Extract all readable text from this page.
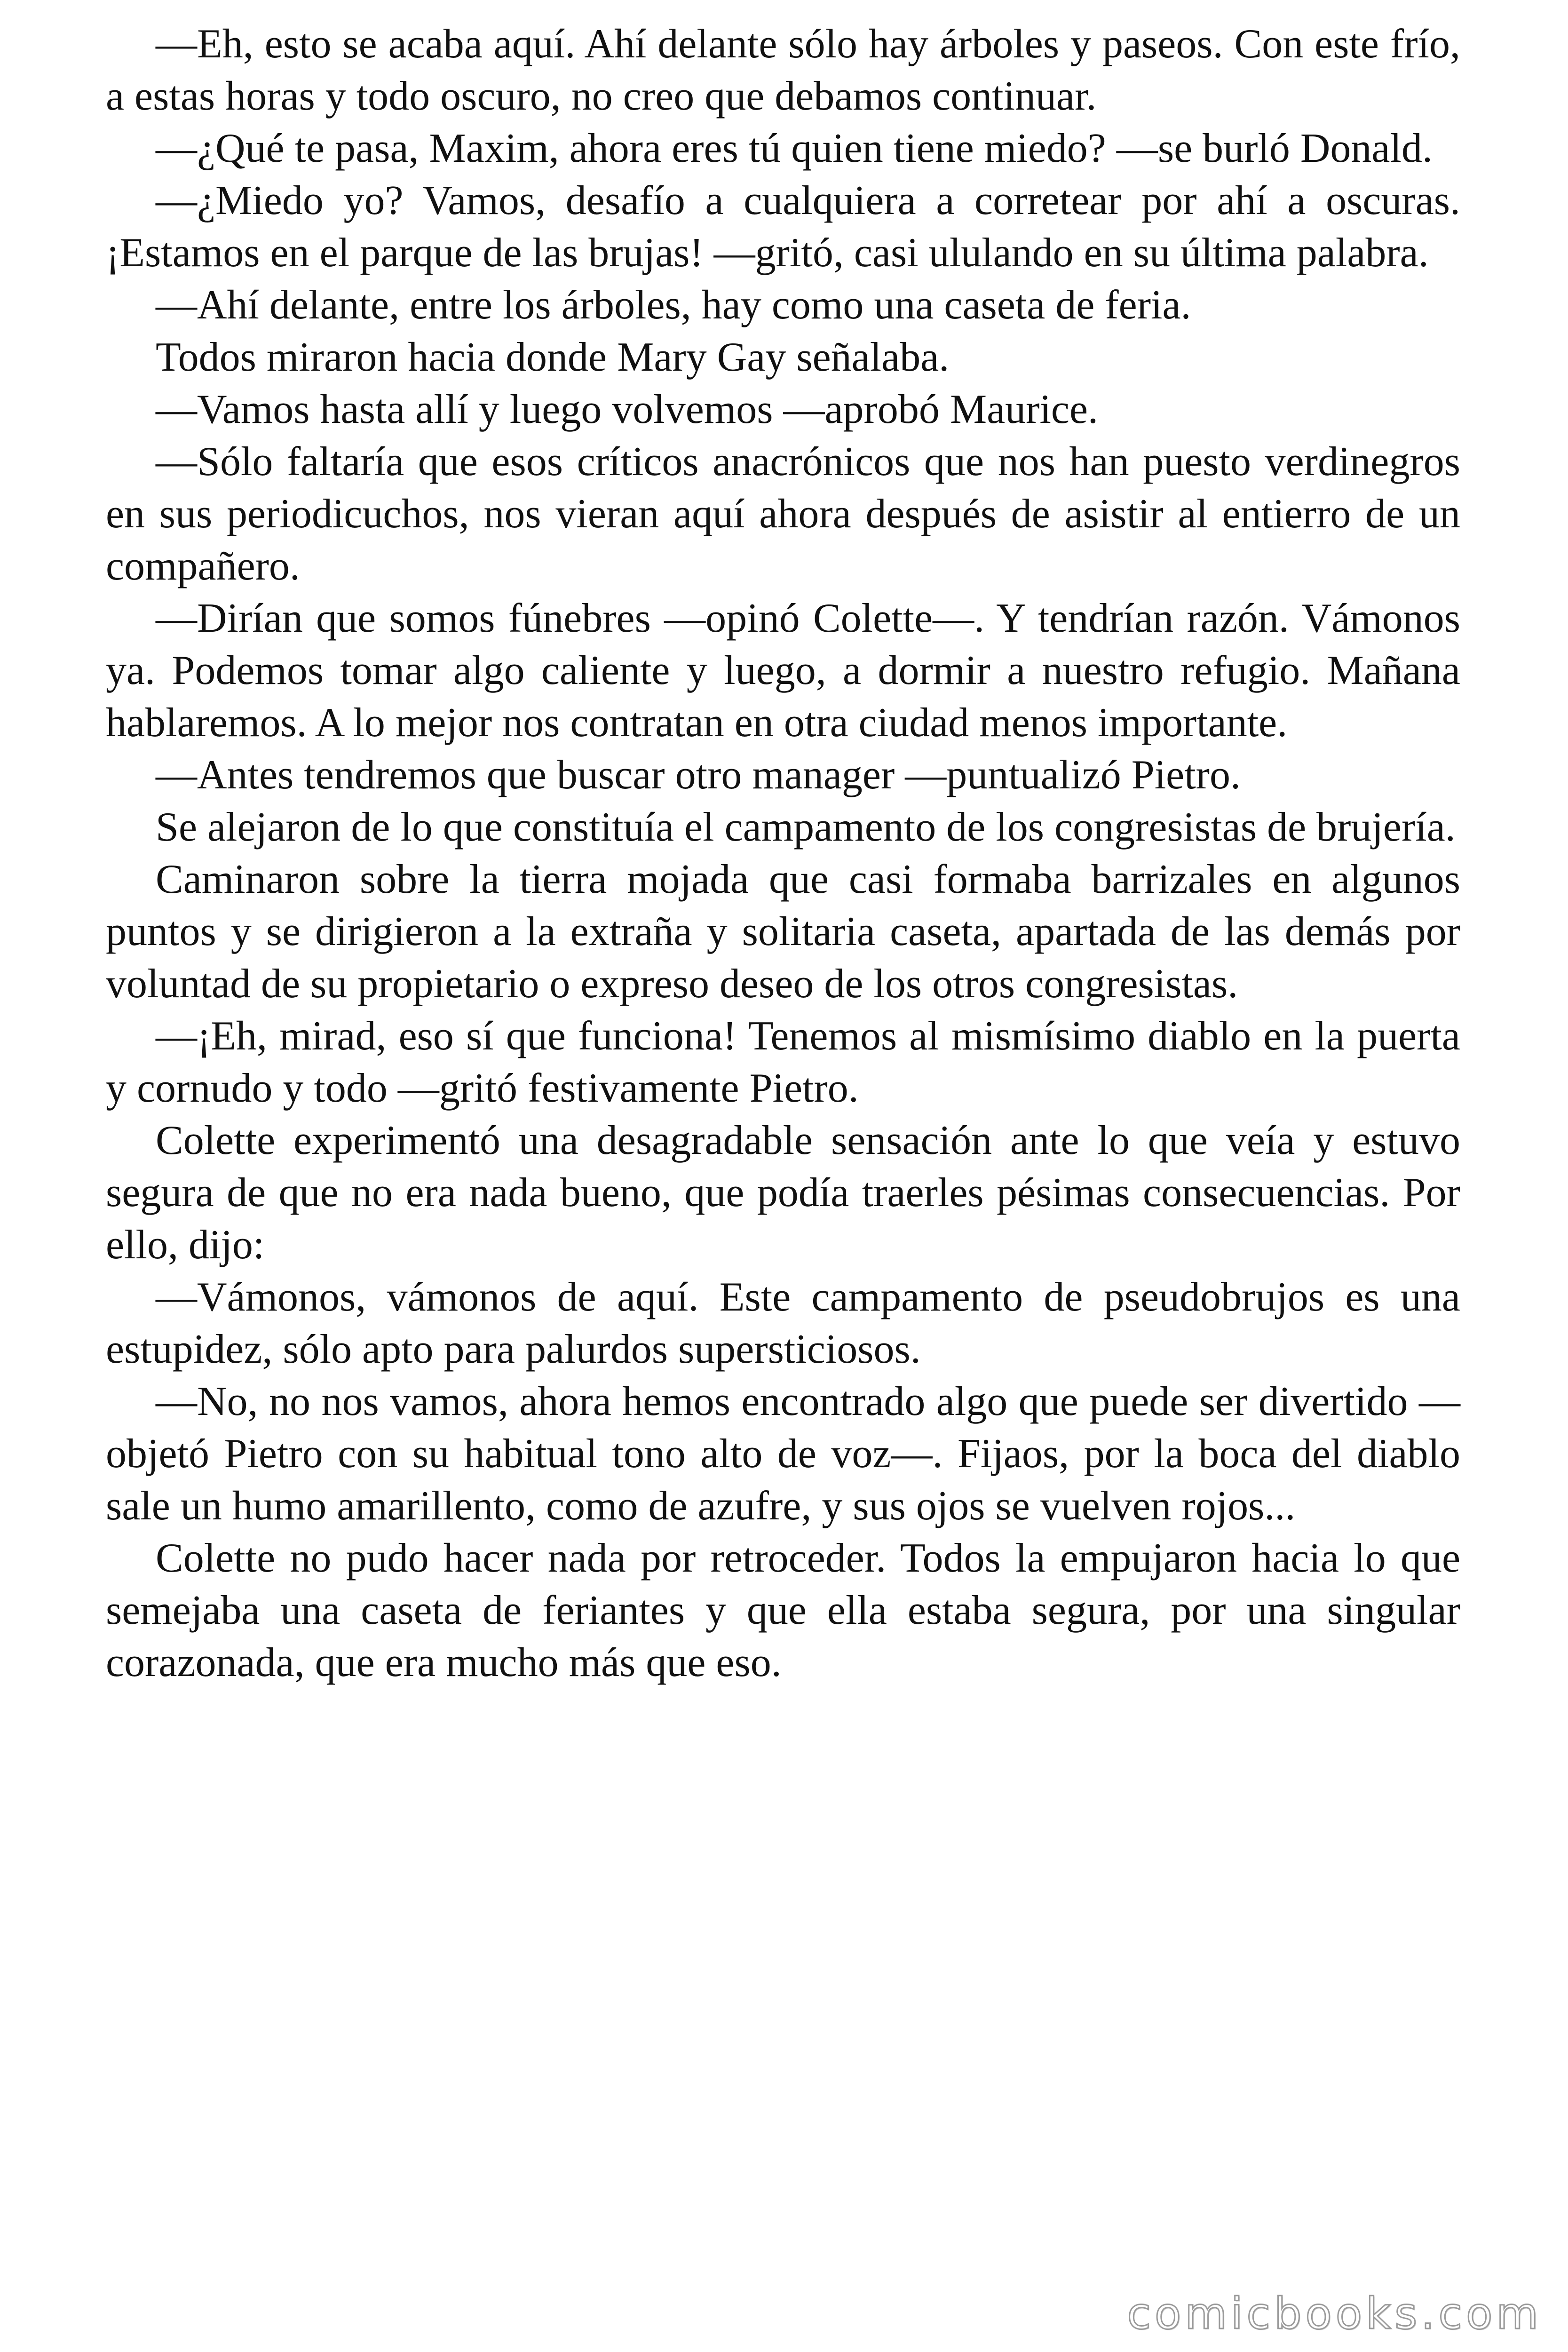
—Eh, esto se acaba aquí. Ahí delante sólo hay árboles y paseos. Con este frío, a estas horas y todo oscuro, no creo que debamos continuar.

—¿Qué te pasa, Maxim, ahora eres tú quien tiene miedo? —se burló Donald.

—¿Miedo yo? Vamos, desafío a cualquiera a corretear por ahí a oscuras. ¡Estamos en el parque de las brujas! —gritó, casi ululando en su última palabra.

—Ahí delante, entre los árboles, hay como una caseta de feria.

Todos miraron hacia donde Mary Gay señalaba.

—Vamos hasta allí y luego volvemos —aprobó Maurice.

—Sólo faltaría que esos críticos anacrónicos que nos han puesto verdinegros en sus periodicuchos, nos vieran aquí ahora después de asistir al entierro de un compañero.

—Dirían que somos fúnebres —opinó Colette—. Y tendrían razón. Vámonos ya. Podemos tomar algo caliente y luego, a dormir a nuestro refugio. Mañana hablaremos. A lo mejor nos contratan en otra ciudad menos importante.

—Antes tendremos que buscar otro manager —puntualizó Pietro.

Se alejaron de lo que constituía el campamento de los congresistas de brujería.

Caminaron sobre la tierra mojada que casi formaba barrizales en algunos puntos y se dirigieron a la extraña y solitaria caseta, apartada de las demás por voluntad de su propietario o expreso deseo de los otros congresistas.

—¡Eh, mirad, eso sí que funciona! Tenemos al mismísimo diablo en la puerta y cornudo y todo —gritó festivamente Pietro.

Colette experimentó una desagradable sensación ante lo que veía y estuvo segura de que no era nada bueno, que podía traerles pésimas consecuencias. Por ello, dijo:

—Vámonos, vámonos de aquí. Este campamento de pseudobrujos es una estupidez, sólo apto para palurdos supersticiosos.

—No, no nos vamos, ahora hemos encontrado algo que puede ser divertido —objetó Pietro con su habitual tono alto de voz—. Fijaos, por la boca del diablo sale un humo amarillento, como de azufre, y sus ojos se vuelven rojos...

Colette no pudo hacer nada por retroceder. Todos la empujaron hacia lo que semejaba una caseta de feriantes y que ella estaba segura, por una singular corazonada, que era mucho más que eso.

comicbooks.com
